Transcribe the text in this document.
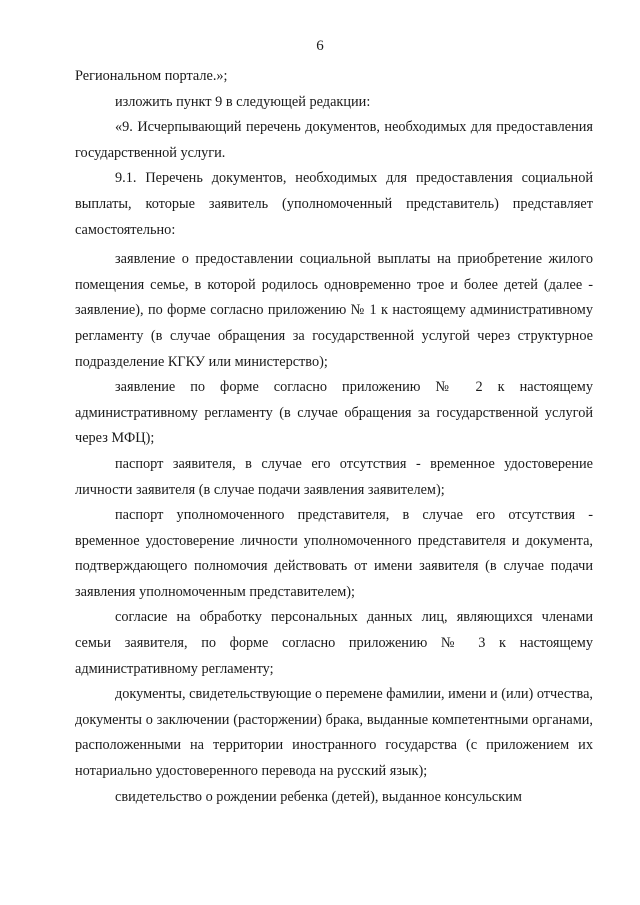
6

Региональном портале.»;

изложить пункт 9 в следующей редакции:

«9. Исчерпывающий перечень документов, необходимых для предоставления государственной услуги.

9.1. Перечень документов, необходимых для предоставления социальной выплаты, которые заявитель (уполномоченный представитель) представляет самостоятельно:

заявление о предоставлении социальной выплаты на приобретение жилого помещения семье, в которой родилось одновременно трое и более детей (далее - заявление), по форме согласно приложению № 1 к настоящему административному регламенту (в случае обращения за государственной услугой через структурное подразделение КГКУ или министерство);

заявление по форме согласно приложению № 2 к настоящему административному регламенту (в случае обращения за государственной услугой через МФЦ);

паспорт заявителя, в случае его отсутствия - временное удостоверение личности заявителя (в случае подачи заявления заявителем);

паспорт уполномоченного представителя, в случае его отсутствия - временное удостоверение личности уполномоченного представителя и документа, подтверждающего полномочия действовать от имени заявителя (в случае подачи заявления уполномоченным представителем);

согласие на обработку персональных данных лиц, являющихся членами семьи заявителя, по форме согласно приложению № 3 к настоящему административному регламенту;

документы, свидетельствующие о перемене фамилии, имени и (или) отчества, документы о заключении (расторжении) брака, выданные компетентными органами, расположенными на территории иностранного государства (с приложением их нотариально удостоверенного перевода на русский язык);

свидетельство о рождении ребенка (детей), выданное консульским
